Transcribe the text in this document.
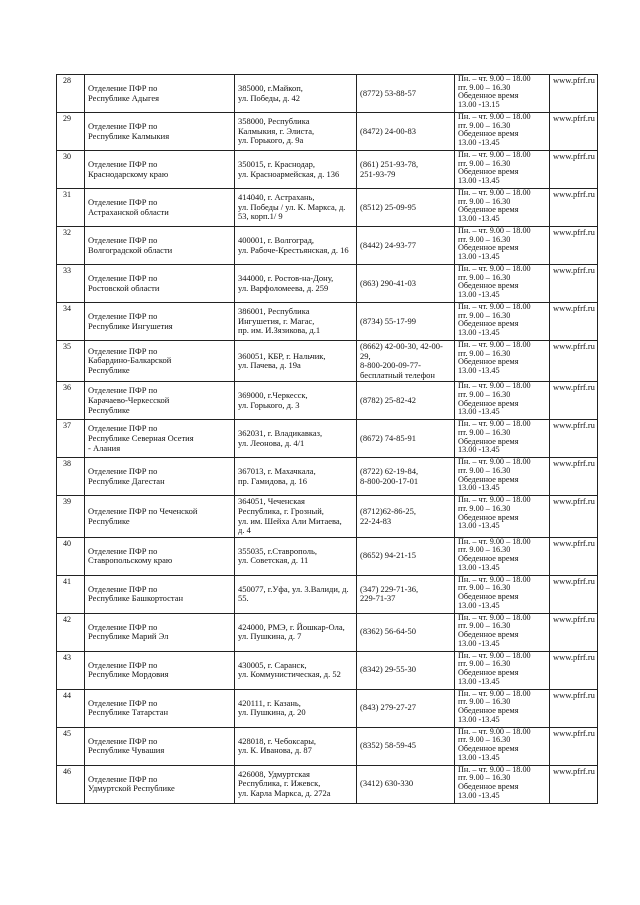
28	Отделение ПФР по
Республике Адыгея	385000, г.Майкоп,
ул. Победы, д. 42	(8772) 53-88-57	Пн. – чт. 9.00 – 18.00
пт. 9.00 – 16.30
Обеденное время
13.00 -13.15	www.pfrf.ru
29	Отделение ПФР по
Республике Калмыкия	358000, Республика
Калмыкия, г. Элиста,
ул. Горького, д. 9а	(8472) 24-00-83	Пн. – чт. 9.00 – 18.00
пт. 9.00 – 16.30
Обеденное время
13.00 -13.45	www.pfrf.ru
30	Отделение ПФР по
Краснодарскому краю	350015, г. Краснодар,
ул. Красноармейская, д. 136	(861) 251-93-78,
251-93-79	Пн. – чт. 9.00 – 18.00
пт. 9.00 – 16.30
Обеденное время
13.00 -13.45	www.pfrf.ru
31	Отделение ПФР по
Астраханской области	414040, г. Астрахань,
ул. Победы / ул. К. Маркса, д.
53, корп.1/ 9	(8512) 25-09-95	Пн. – чт. 9.00 – 18.00
пт. 9.00 – 16.30
Обеденное время
13.00 -13.45	www.pfrf.ru
32	Отделение ПФР по
Волгоградской области	400001, г. Волгоград,
ул. Рабоче-Крестьянская, д. 16	(8442) 24-93-77	Пн. – чт. 9.00 – 18.00
пт. 9.00 – 16.30
Обеденное время
13.00 -13.45	www.pfrf.ru
33	Отделение ПФР по
Ростовской области	344000, г. Ростов-на-Дону,
ул. Варфоломеева, д. 259	(863) 290-41-03	Пн. – чт. 9.00 – 18.00
пт. 9.00 – 16.30
Обеденное время
13.00 -13.45	www.pfrf.ru
34	Отделение ПФР по
Республике Ингушетия	386001, Республика
Ингушетия, г. Магас,
пр. им. И.Зязикова, д.1	(8734) 55-17-99	Пн. – чт. 9.00 – 18.00
пт. 9.00 – 16.30
Обеденное время
13.00 -13.45	www.pfrf.ru
35	Отделение ПФР по
Кабардино-Балкарской
Республике	360051, КБР, г. Нальчик,
ул. Пачева, д. 19а	(8662) 42-00-30, 42-00-
29,
8-800-200-09-77-
бесплатный телефон	Пн. – чт. 9.00 – 18.00
пт. 9.00 – 16.30
Обеденное время
13.00 -13.45	www.pfrf.ru
36	Отделение ПФР по
Карачаево-Черкесской
Республике	369000, г.Черкесск,
ул. Горького, д. 3	(8782) 25-82-42	Пн. – чт. 9.00 – 18.00
пт. 9.00 – 16.30
Обеденное время
13.00 -13.45	www.pfrf.ru
37	Отделение ПФР по
Республике Северная Осетия
- Алания	362031, г. Владикавказ,
ул. Леонова, д. 4/1	(8672) 74-85-91	Пн. – чт. 9.00 – 18.00
пт. 9.00 – 16.30
Обеденное время
13.00 -13.45	www.pfrf.ru
38	Отделение ПФР по
Республике Дагестан	367013, г. Махачкала,
пр. Гамидова, д. 16	(8722) 62-19-84,
8-800-200-17-01	Пн. – чт. 9.00 – 18.00
пт. 9.00 – 16.30
Обеденное время
13.00 -13.45	www.pfrf.ru
39	Отделение ПФР по Чеченской
Республике	364051, Чеченская
Республика, г. Грозный,
ул. им. Шейха Али Митаева,
д. 4	(8712)62-86-25,
22-24-83	Пн. – чт. 9.00 – 18.00
пт. 9.00 – 16.30
Обеденное время
13.00 -13.45	www.pfrf.ru
40	Отделение ПФР по
Ставропольскому краю	355035, г.Ставрополь,
ул. Советская, д. 11	(8652) 94-21-15	Пн. – чт. 9.00 – 18.00
пт. 9.00 – 16.30
Обеденное время
13.00 -13.45	www.pfrf.ru
41	Отделение ПФР по
Республике Башкортостан	450077, г.Уфа, ул. 3.Валиди, д.
55.	(347) 229-71-36,
229-71-37	Пн. – чт. 9.00 – 18.00
пт. 9.00 – 16.30
Обеденное время
13.00 -13.45	www.pfrf.ru
42	Отделение ПФР по
Республике Марий Эл	424000, РМЭ, г. Йошкар-Ола,
ул. Пушкина, д. 7	(8362) 56-64-50	Пн. – чт. 9.00 – 18.00
пт. 9.00 – 16.30
Обеденное время
13.00 -13.45	www.pfrf.ru
43	Отделение ПФР по
Республике Мордовия	430005, г. Саранск,
ул. Коммунистическая, д. 52	(8342) 29-55-30	Пн. – чт. 9.00 – 18.00
пт. 9.00 – 16.30
Обеденное время
13.00 -13.45	www.pfrf.ru
44	Отделение ПФР по
Республике Татарстан	420111, г. Казань,
ул. Пушкина, д. 20	(843) 279-27-27	Пн. – чт. 9.00 – 18.00
пт. 9.00 – 16.30
Обеденное время
13.00 -13.45	www.pfrf.ru
45	Отделение ПФР по
Республике Чувашия	428018, г. Чебоксары,
ул. К. Иванова, д. 87	(8352) 58-59-45	Пн. – чт. 9.00 – 18.00
пт. 9.00 – 16.30
Обеденное время
13.00 -13.45	www.pfrf.ru
46	Отделение ПФР по
Удмуртской Республике	426008, Удмуртская
Республика, г. Ижевск,
ул. Карла Маркса, д. 272а	(3412) 630-330	Пн. – чт. 9.00 – 18.00
пт. 9.00 – 16.30
Обеденное время
13.00 -13.45	www.pfrf.ru
